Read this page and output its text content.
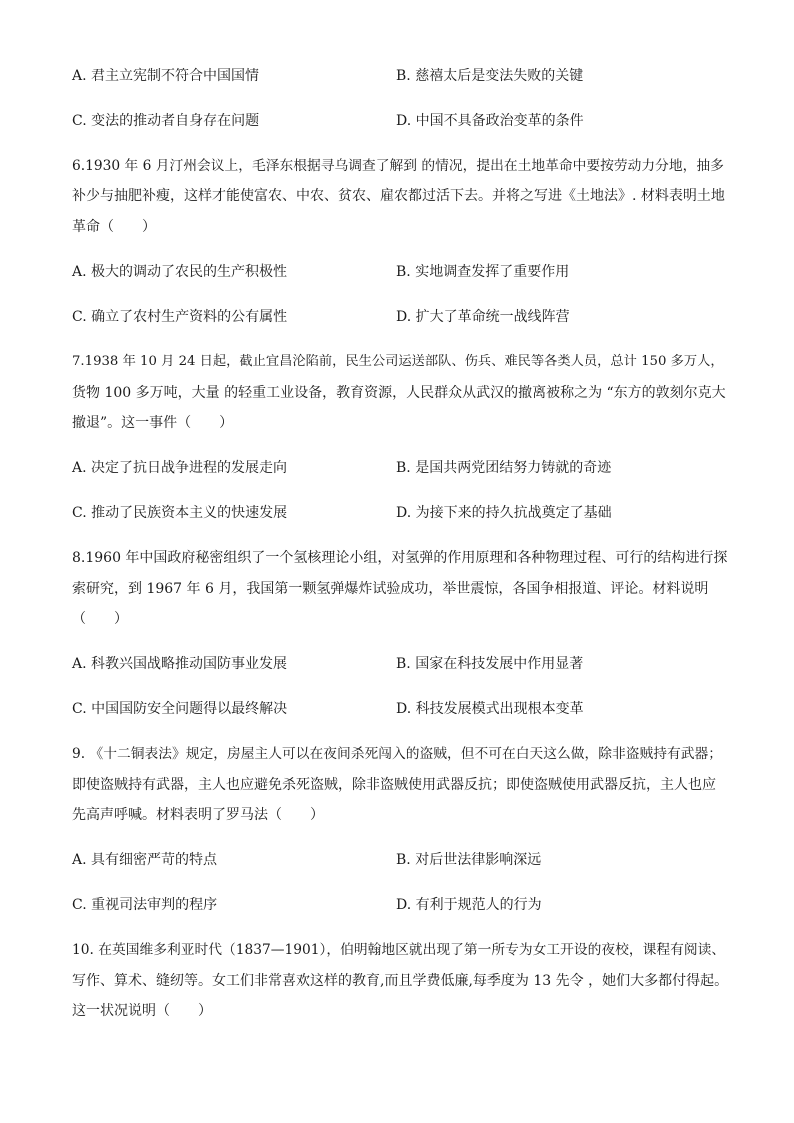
A. 君主立宪制不符合中国国情	B. 慈禧太后是变法失败的关键
C. 变法的推动者自身存在问题	D. 中国不具备政治变革的条件
6.1930 年 6 月汀州会议上，毛泽东根据寻乌调查了解到 的情况，提出在土地革命中要按劳动力分地，抽多
补少与抽肥补瘦，这样才能使富农、中农、贫农、雇农都过活下去。并将之写进《土地法》. 材料表明土地
革命（　　）
A. 极大的调动了农民的生产积极性	B. 实地调查发挥了重要作用
C. 确立了农村生产资料的公有属性	D. 扩大了革命统一战线阵营
7.1938 年 10 月 24 日起，截止宜昌沦陷前，民生公司运送部队、伤兵、难民等各类人员，总计 150 多万人，
货物 100 多万吨，大量 的轻重工业设备，教育资源，人民群众从武汉的撤离被称之为 “东方的敦刻尔克大
撤退”。这一事件（　　）
A. 决定了抗日战争进程的发展走向	B. 是国共两党团结努力铸就的奇迹
C. 推动了民族资本主义的快速发展	D. 为接下来的持久抗战奠定了基础
8.1960 年中国政府秘密组织了一个氢核理论小组，对氢弹的作用原理和各种物理过程、可行的结构进行探
索研究，到 1967 年 6 月，我国第一颗氢弹爆炸试验成功，举世震惊，各国争相报道、评论。材料说明
（　　）
A. 科教兴国战略推动国防事业发展	B. 国家在科技发展中作用显著
C. 中国国防安全问题得以最终解决	D. 科技发展模式出现根本变革
9. 《十二铜表法》规定，房屋主人可以在夜间杀死闯入的盗贼，但不可在白天这么做，除非盗贼持有武器；
即使盗贼持有武器，主人也应避免杀死盗贼，除非盗贼使用武器反抗；即使盗贼使用武器反抗，主人也应
先高声呼喊。材料表明了罗马法（　　）
A. 具有细密严苛的特点	B. 对后世法律影响深远
C. 重视司法审判的程序	D. 有利于规范人的行为
10. 在英国维多利亚时代（1837—1901），伯明翰地区就出现了第一所专为女工开设的夜校，课程有阅读、
写作、算术、缝纫等。女工们非常喜欢这样的教育,而且学费低廉,每季度为 13 先令 ，她们大多都付得起。
这一状况说明（　　）
